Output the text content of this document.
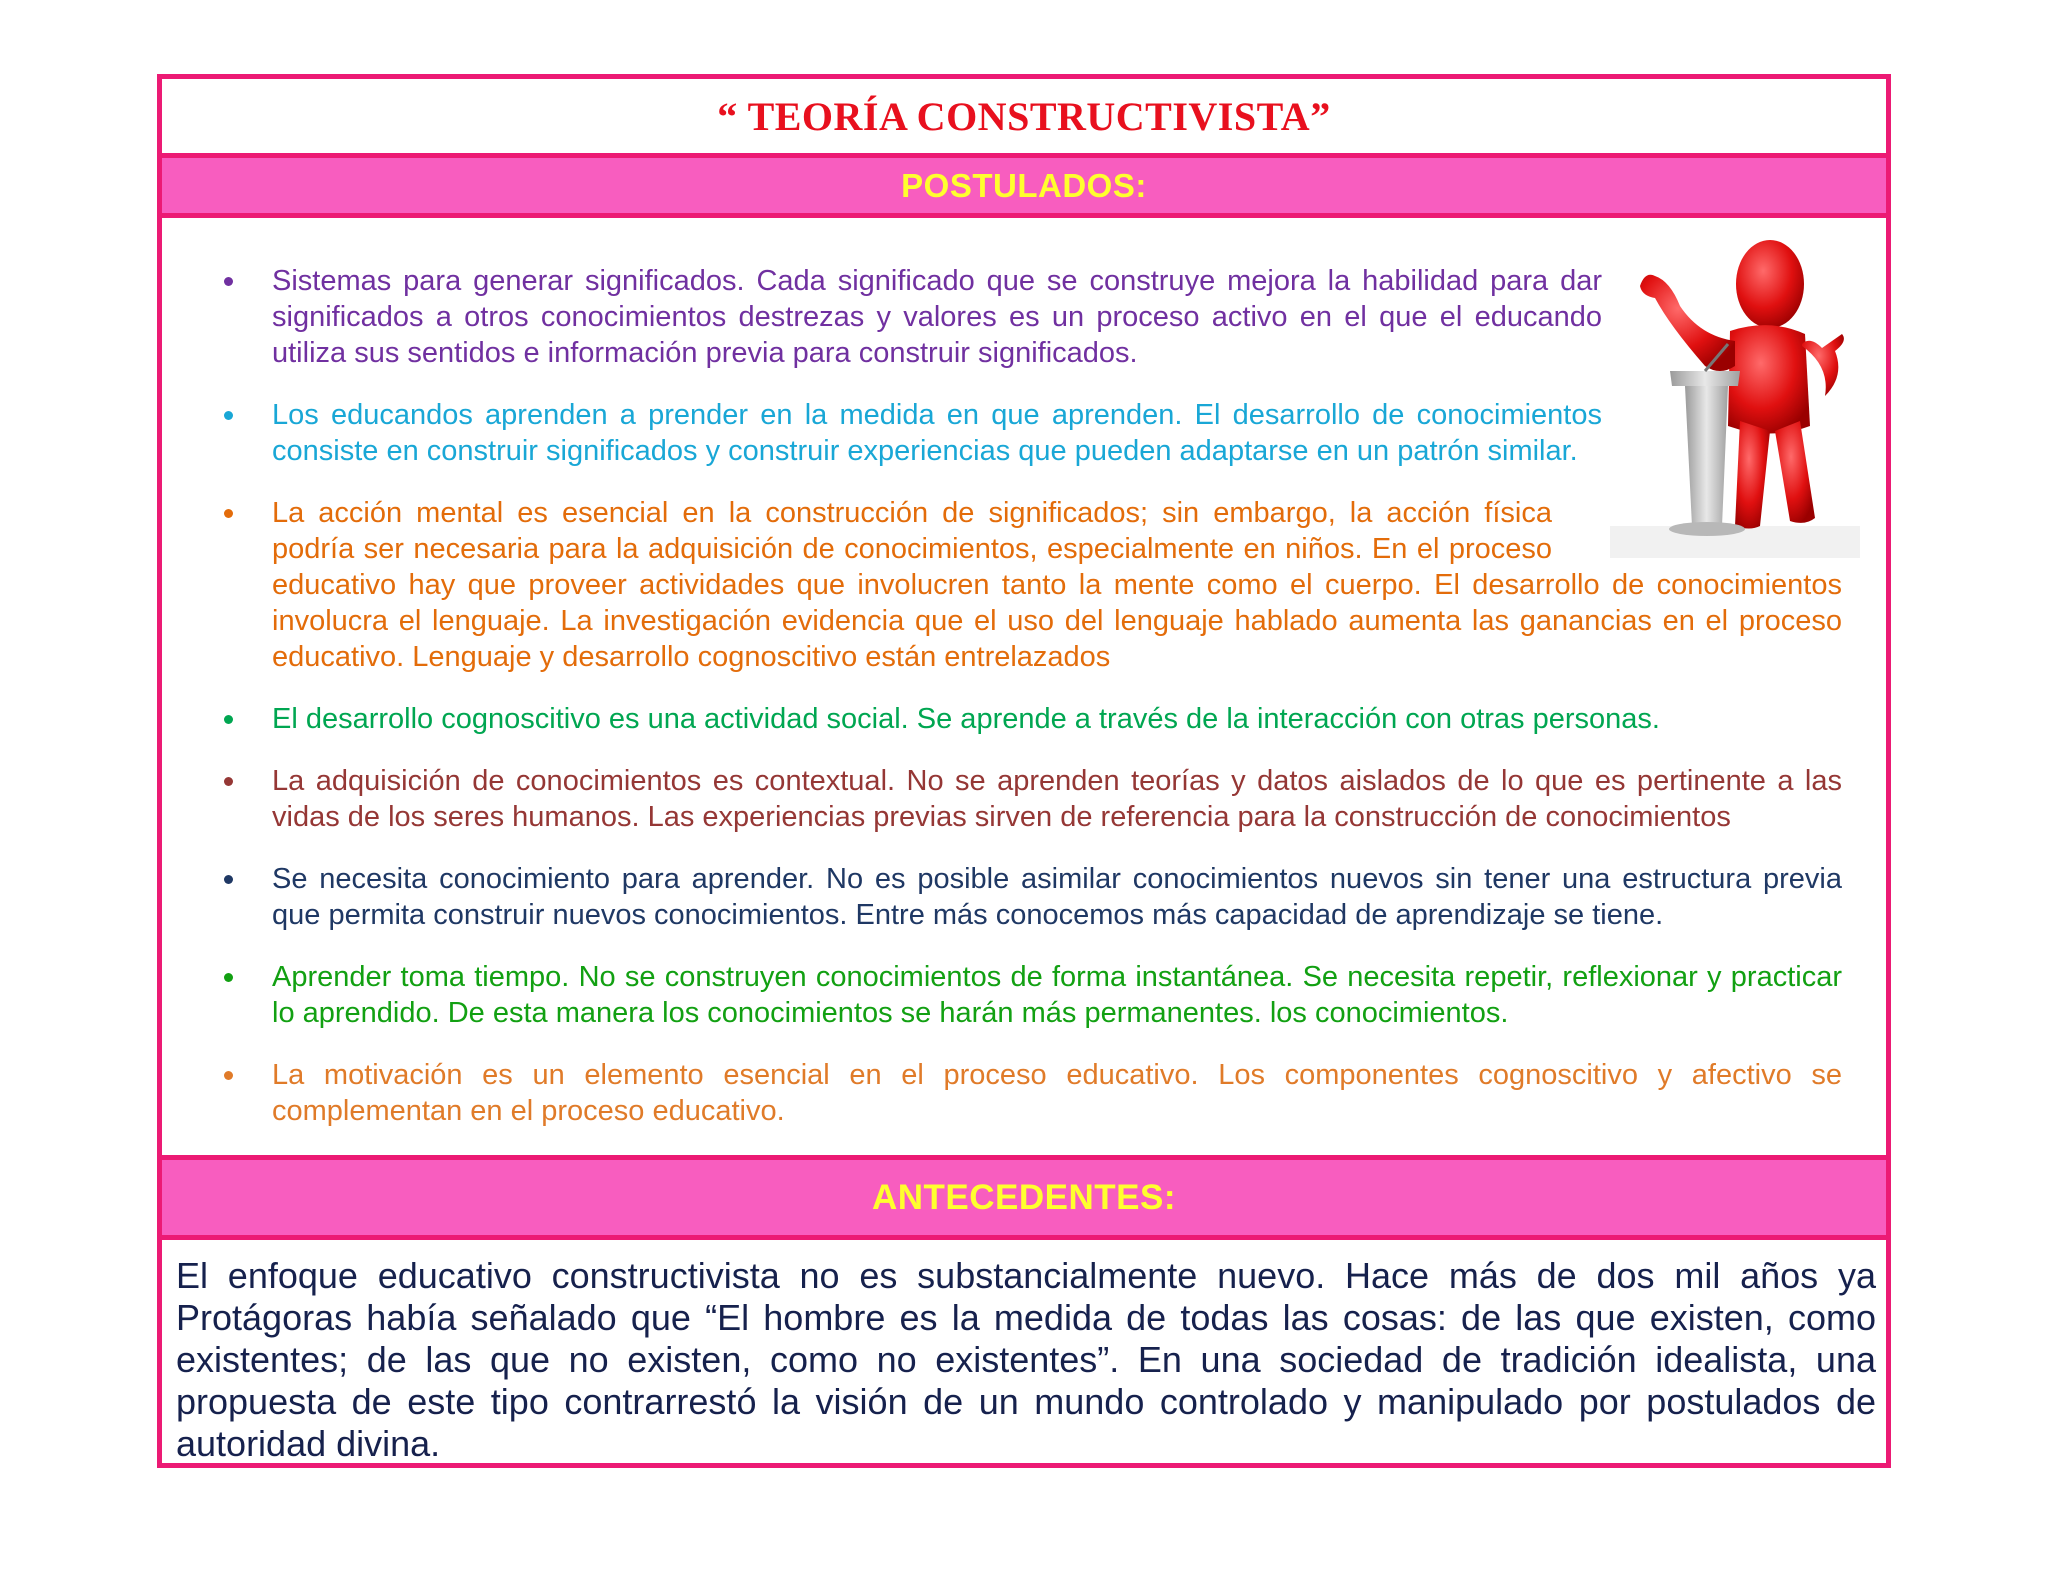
“ TEORÍA CONSTRUCTIVISTA”
POSTULADOS:
Sistemas para generar significados. Cada significado que se construye mejora la habilidad para dar significados a otros conocimientos destrezas y valores es un proceso activo en el que el educando utiliza sus sentidos e información previa para construir significados.
Los educandos aprenden a prender en la medida en que aprenden. El desarrollo de conocimientos consiste en construir significados y construir experiencias que pueden adaptarse en un patrón similar.
La acción mental es esencial en la construcción de significados; sin embargo, la acción física podría ser necesaria para la adquisición de conocimientos, especialmente en niños. En el proceso educativo hay que proveer actividades que involucren tanto la mente como el cuerpo. El desarrollo de conocimientos involucra el lenguaje. La investigación evidencia que el uso del lenguaje hablado aumenta las ganancias en el proceso educativo. Lenguaje y desarrollo cognoscitivo están entrelazados
El desarrollo cognoscitivo es una actividad social. Se aprende a través de la interacción con otras personas.
La adquisición de conocimientos es contextual. No se aprenden teorías y datos aislados de lo que es pertinente a las vidas de los seres humanos. Las experiencias previas sirven de referencia para la construcción de conocimientos
Se necesita conocimiento para aprender. No es posible asimilar conocimientos nuevos sin tener una estructura previa que permita construir nuevos conocimientos. Entre más conocemos más capacidad de aprendizaje se tiene.
Aprender toma tiempo. No se construyen conocimientos de forma instantánea. Se necesita repetir, reflexionar y practicar lo aprendido. De esta manera los conocimientos se harán más permanentes. los conocimientos.
La motivación es un elemento esencial en el proceso educativo. Los componentes cognoscitivo y afectivo se complementan en el proceso educativo.
ANTECEDENTES:

El enfoque educativo constructivista no es substancialmente nuevo. Hace más de dos mil años ya Protágoras había señalado que “El hombre es la medida de todas las cosas: de las que existen, como existentes; de las que no existen, como no existentes”. En una sociedad de tradición idealista, una propuesta de este tipo contrarrestó la visión de un mundo controlado y manipulado por postulados de autoridad divina.
